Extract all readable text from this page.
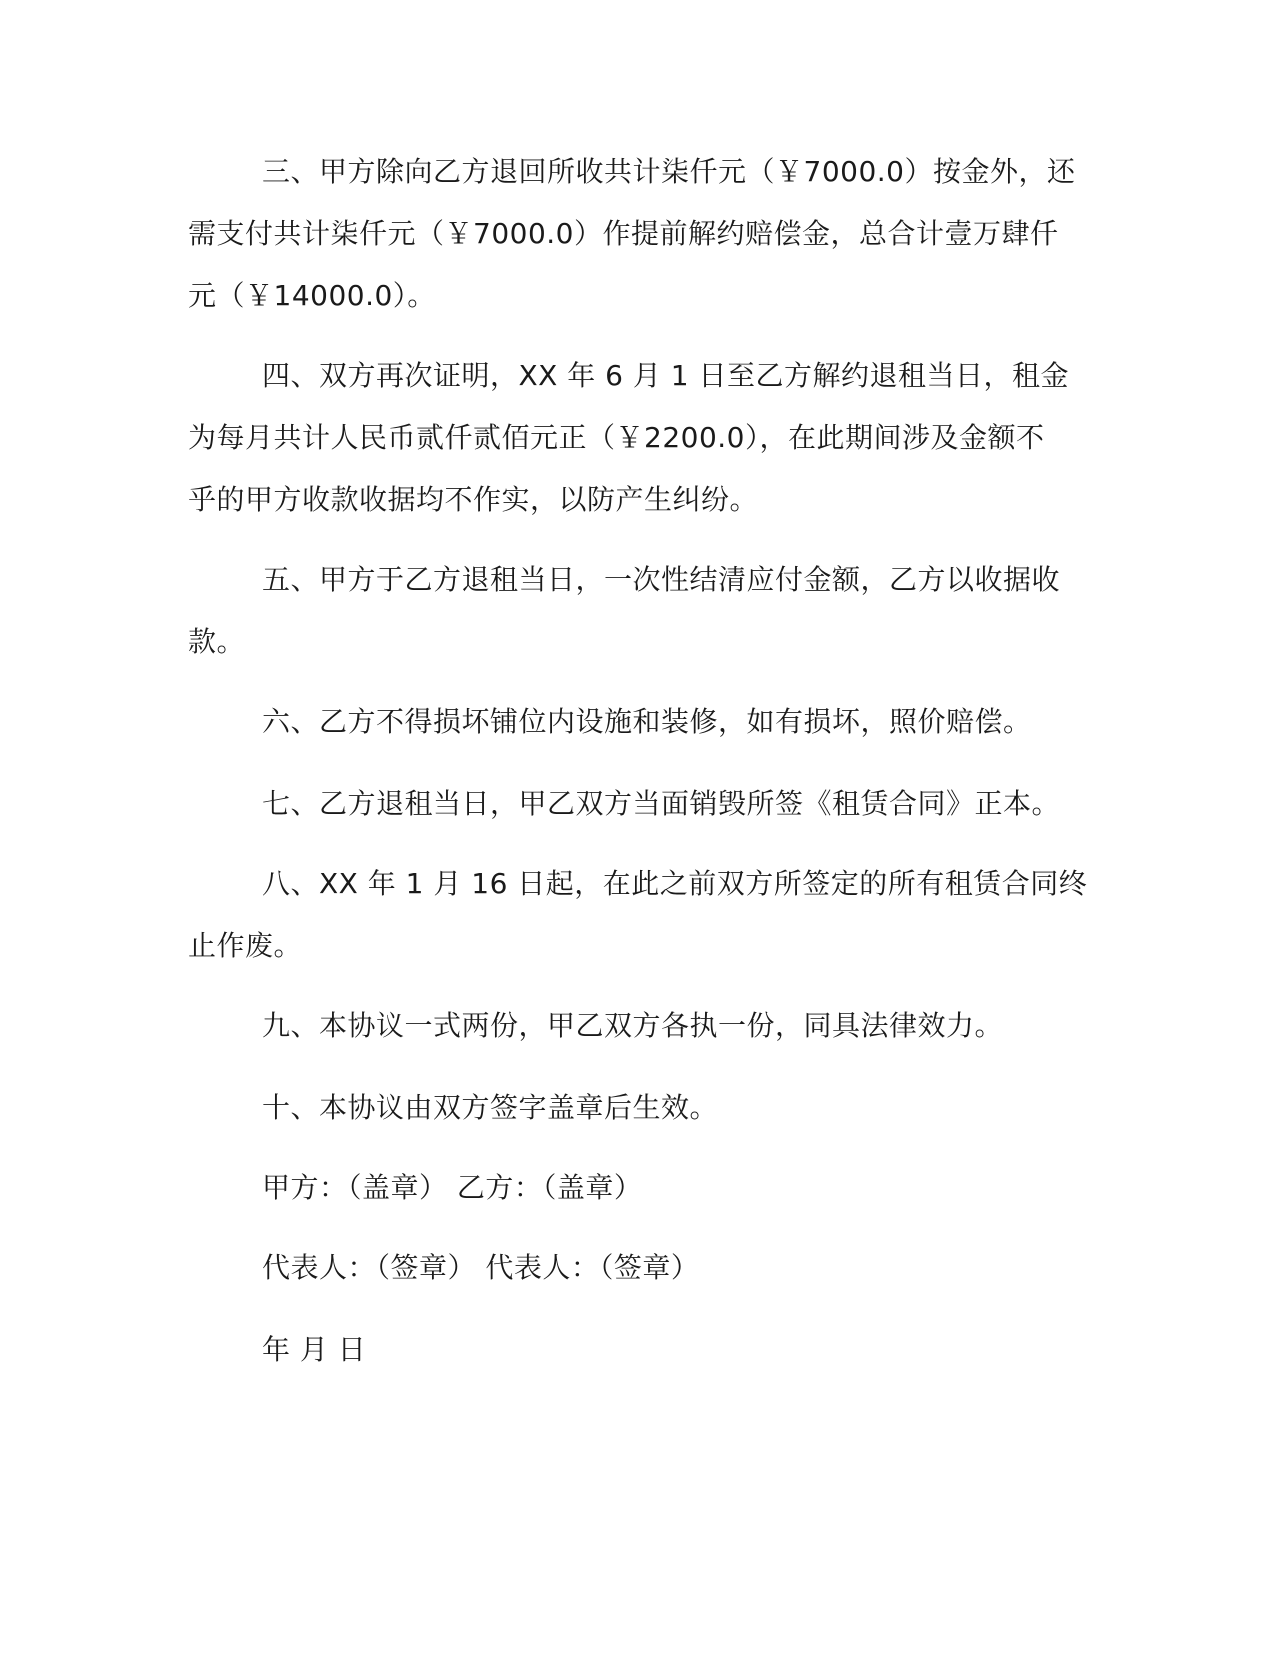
三、甲方除向乙方退回所收共计柒仟元（￥7000.0）按金外，还
需支付共计柒仟元（￥7000.0）作提前解约赔偿金，总合计壹万肆仟
元（￥14000.0）。
四、双方再次证明，XX 年 6 月 1 日至乙方解约退租当日，租金
为每月共计人民币贰仟贰佰元正（￥2200.0），在此期间涉及金额不
乎的甲方收款收据均不作实，以防产生纠纷。
五、甲方于乙方退租当日，一次性结清应付金额，乙方以收据收
款。
六、乙方不得损坏铺位内设施和装修，如有损坏，照价赔偿。
七、乙方退租当日，甲乙双方当面销毁所签《租赁合同》正本。
八、XX 年 1 月 16 日起，在此之前双方所签定的所有租赁合同终
止作废。
九、本协议一式两份，甲乙双方各执一份，同具法律效力。
十、本协议由双方签字盖章后生效。
甲方：（盖章） 乙方：（盖章）
代表人：（签章） 代表人：（签章）
年 月 日
